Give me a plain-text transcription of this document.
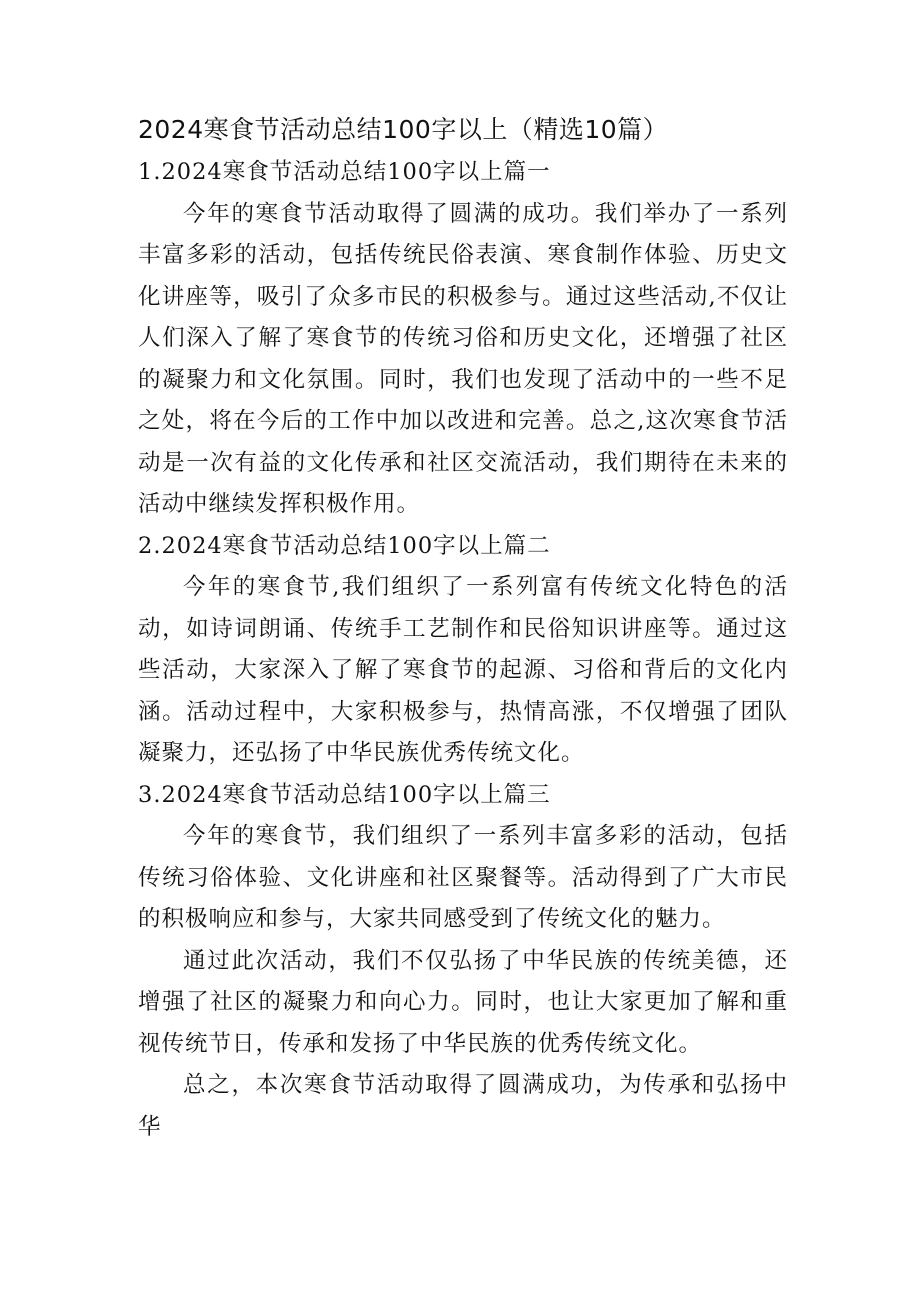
2024寒食节活动总结100字以上（精选10篇）
1.2024寒食节活动总结100字以上篇一

今年的寒食节活动取得了圆满的成功。我们举办了一系列丰富多彩的活动，包括传统民俗表演、寒食制作体验、历史文化讲座等，吸引了众多市民的积极参与。通过这些活动,不仅让人们深入了解了寒食节的传统习俗和历史文化，还增强了社区的凝聚力和文化氛围。同时，我们也发现了活动中的一些不足之处，将在今后的工作中加以改进和完善。总之,这次寒食节活动是一次有益的文化传承和社区交流活动，我们期待在未来的活动中继续发挥积极作用。

2.2024寒食节活动总结100字以上篇二

今年的寒食节,我们组织了一系列富有传统文化特色的活动，如诗词朗诵、传统手工艺制作和民俗知识讲座等。通过这些活动，大家深入了解了寒食节的起源、习俗和背后的文化内涵。活动过程中，大家积极参与，热情高涨，不仅增强了团队凝聚力，还弘扬了中华民族优秀传统文化。

3.2024寒食节活动总结100字以上篇三

今年的寒食节，我们组织了一系列丰富多彩的活动，包括传统习俗体验、文化讲座和社区聚餐等。活动得到了广大市民的积极响应和参与，大家共同感受到了传统文化的魅力。

通过此次活动，我们不仅弘扬了中华民族的传统美德，还增强了社区的凝聚力和向心力。同时，也让大家更加了解和重视传统节日，传承和发扬了中华民族的优秀传统文化。

总之，本次寒食节活动取得了圆满成功，为传承和弘扬中华
